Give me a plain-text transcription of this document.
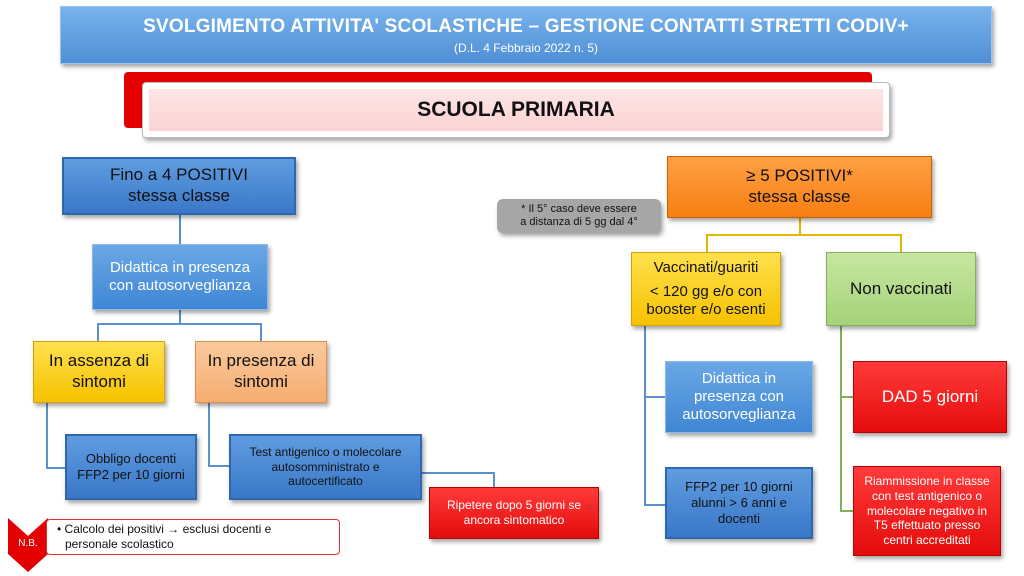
SVOLGIMENTO ATTIVITA' SCOLASTICHE – GESTIONE CONTATTI STRETTI CODIV+
(D.L. 4 Febbraio 2022 n. 5)
SCUOLA PRIMARIA
Fino a 4 POSITIVI
stessa classe
Didattica in presenza
con autosorveglianza
In assenza di
sintomi
In presenza di
sintomi
Obbligo docenti
FFP2 per 10 giorni
Test antigenico o molecolare
autosomministrato e
autocertificato
Ripetere dopo 5 giorni se
ancora sintomatico
* Il 5° caso deve essere
a distanza di 5 gg dal 4°
≥ 5 POSITIVI*
stessa classe
Vaccinati/guariti
< 120 gg e/o con
booster e/o esenti
Non vaccinati
Didattica in
presenza con
autosorveglianza
FFP2 per 10 giorni
alunni > 6 anni e
docenti
DAD 5 giorni
Riammissione in classe
con test antigenico o
molecolare negativo in
T5 effettuato presso
centri accreditati
N.B.
• Calcolo dei positivi → esclusi docenti e
personale scolastico
